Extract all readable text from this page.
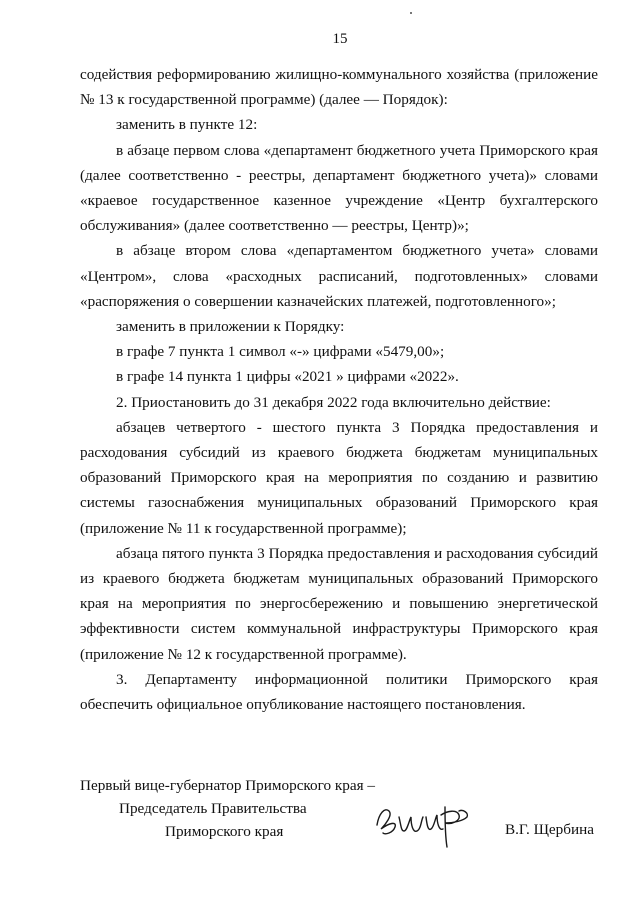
15

содействия реформированию жилищно-коммунального хозяйства (приложение № 13 к государственной программе) (далее — Порядок):

заменить в пункте 12:

в абзаце первом слова «департамент бюджетного учета Приморского края (далее соответственно - реестры, департамент бюджетного учета)» словами «краевое государственное казенное учреждение «Центр бухгалтерского обслуживания» (далее соответственно — реестры, Центр)»;

в абзаце втором слова «департаментом бюджетного учета» словами «Центром», слова «расходных расписаний, подготовленных» словами «распоряжения о совершении казначейских платежей, подготовленного»;

заменить в приложении к Порядку:

в графе 7 пункта 1 символ «-» цифрами «5479,00»;

в графе 14 пункта 1 цифры «2021 » цифрами «2022».

2. Приостановить до 31 декабря 2022 года включительно действие:

абзацев четвертого - шестого пункта 3 Порядка предоставления и расходования субсидий из краевого бюджета бюджетам муниципальных образований Приморского края на мероприятия по созданию и развитию системы газоснабжения муниципальных образований Приморского края (приложение № 11 к государственной программе);

абзаца пятого пункта 3 Порядка предоставления и расходования субсидий из краевого бюджета бюджетам муниципальных образований Приморского края на мероприятия по энергосбережению и повышению энергетической эффективности систем коммунальной инфраструктуры Приморского края (приложение № 12 к государственной программе).

3. Департаменту информационной политики Приморского края обеспечить официальное опубликование настоящего постановления.

Первый вице-губернатор Приморского края –
Председатель Правительства
Приморского края	В.Г. Щербина
